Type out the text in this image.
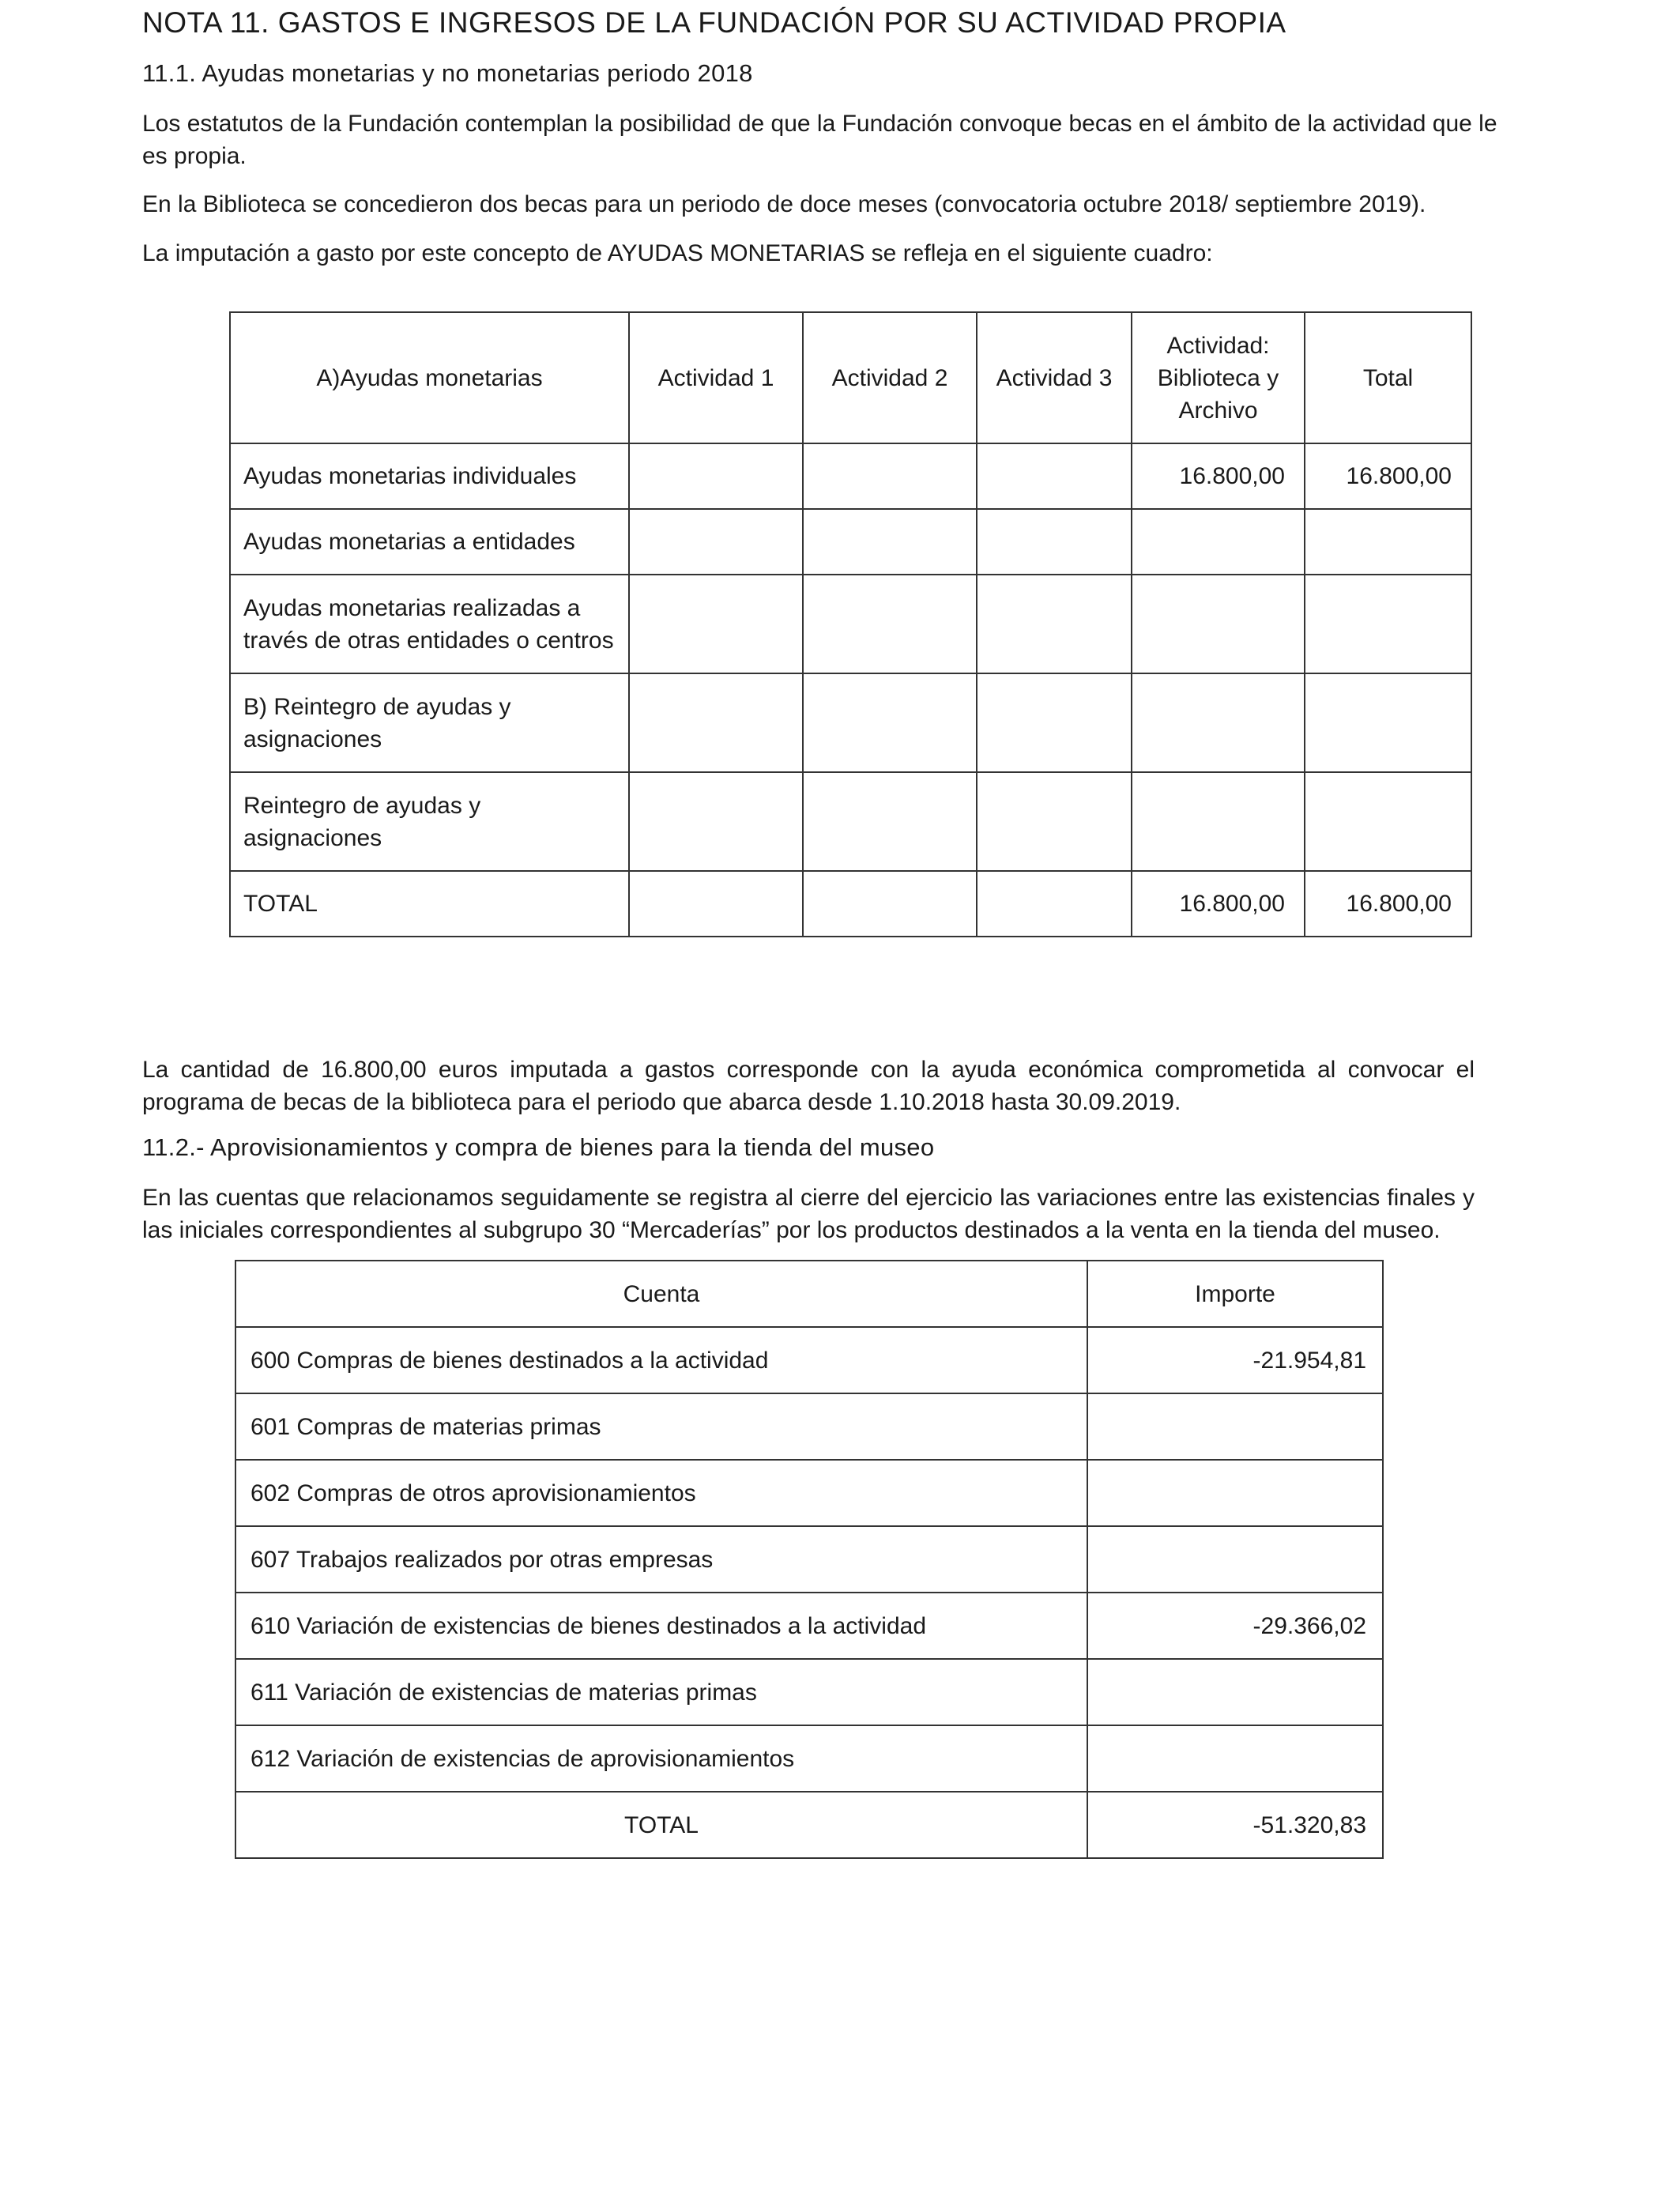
NOTA 11. GASTOS E INGRESOS DE LA FUNDACIÓN POR SU ACTIVIDAD PROPIA
11.1. Ayudas monetarias y no monetarias periodo 2018

Los estatutos de la Fundación contemplan la posibilidad de que la Fundación convoque becas en el ámbito de la actividad que le es propia.

En la Biblioteca se concedieron dos becas para un periodo de doce meses (convocatoria octubre 2018/ septiembre 2019).

La imputación a gasto por este concepto de AYUDAS MONETARIAS se refleja en el siguiente cuadro:

A)Ayudas monetarias	Actividad 1	Actividad 2	Actividad 3	Actividad: Biblioteca y Archivo	Total
Ayudas monetarias individuales				16.800,00	16.800,00
Ayudas monetarias a entidades					
Ayudas monetarias realizadas a través de otras entidades o centros					
B) Reintegro de ayudas y asignaciones					
Reintegro de ayudas y asignaciones					
TOTAL				16.800,00	16.800,00

La cantidad de 16.800,00 euros imputada a gastos corresponde con la ayuda económica comprometida al convocar el programa de becas de la biblioteca para el periodo que abarca desde 1.10.2018 hasta 30.09.2019.

11.2.- Aprovisionamientos y compra de bienes para la tienda del museo

En las cuentas que relacionamos seguidamente se registra al cierre del ejercicio las variaciones entre las existencias finales y las iniciales correspondientes al subgrupo 30 “Mercaderías” por los productos destinados a la venta en la tienda del museo.

Cuenta	Importe
600 Compras de bienes destinados a la actividad	-21.954,81
601 Compras de materias primas	
602 Compras de otros aprovisionamientos	
607 Trabajos realizados por otras empresas	
610 Variación de existencias de bienes destinados a la actividad	-29.366,02
611 Variación de existencias de materias primas	
612 Variación de existencias de aprovisionamientos	
TOTAL	-51.320,83
